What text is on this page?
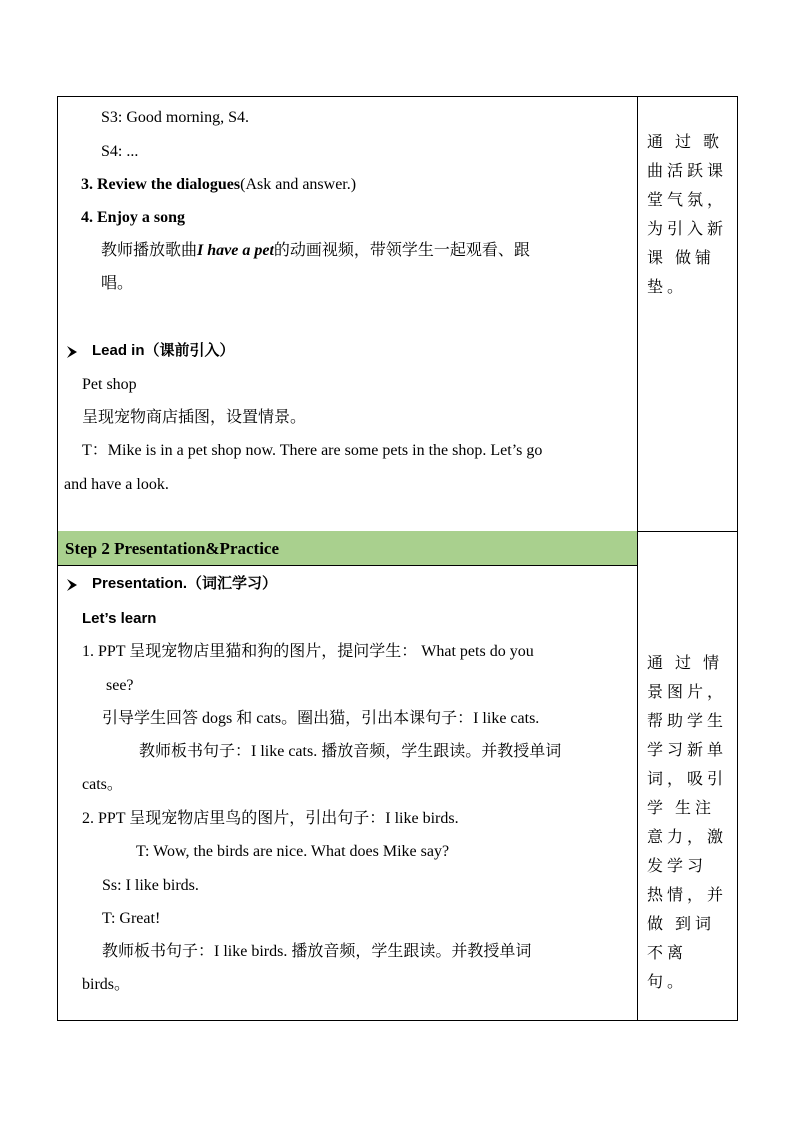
S3: Good morning, S4.
S4: ...
3. Review the dialogues(Ask and answer.)
4. Enjoy a song
教师播放歌曲I have a pet的动画视频，带领学生一起观看、跟
唱。
Lead in（课前引入）
Pet shop
呈现宠物商店插图，设置情景。
T：Mike is in a pet shop now. There are some pets in the shop. Let’s go
and have a look.
通 过 歌 曲活跃课 堂气氛，为引入新课 做铺垫。
Step 2 Presentation&Practice
Presentation.（词汇学习）
Let’s learn
1. PPT 呈现宠物店里猫和狗的图片，提问学生： What pets do you
see?
引导学生回答 dogs 和 cats。圈出猫，引出本课句子：I like cats.
教师板书句子：I like cats. 播放音频，学生跟读。并教授单词
cats。
2. PPT 呈现宠物店里鸟的图片，引出句子：I like birds.
T: Wow, the birds are nice. What does Mike say?
Ss: I like birds.
T: Great!
教师板书句子：I like birds. 播放音频，学生跟读。并教授单词
birds。
通 过 情景图片，帮助学生 学习新单 词，吸引学 生注意力，激发学习 热情，并做 到词不离 句。
